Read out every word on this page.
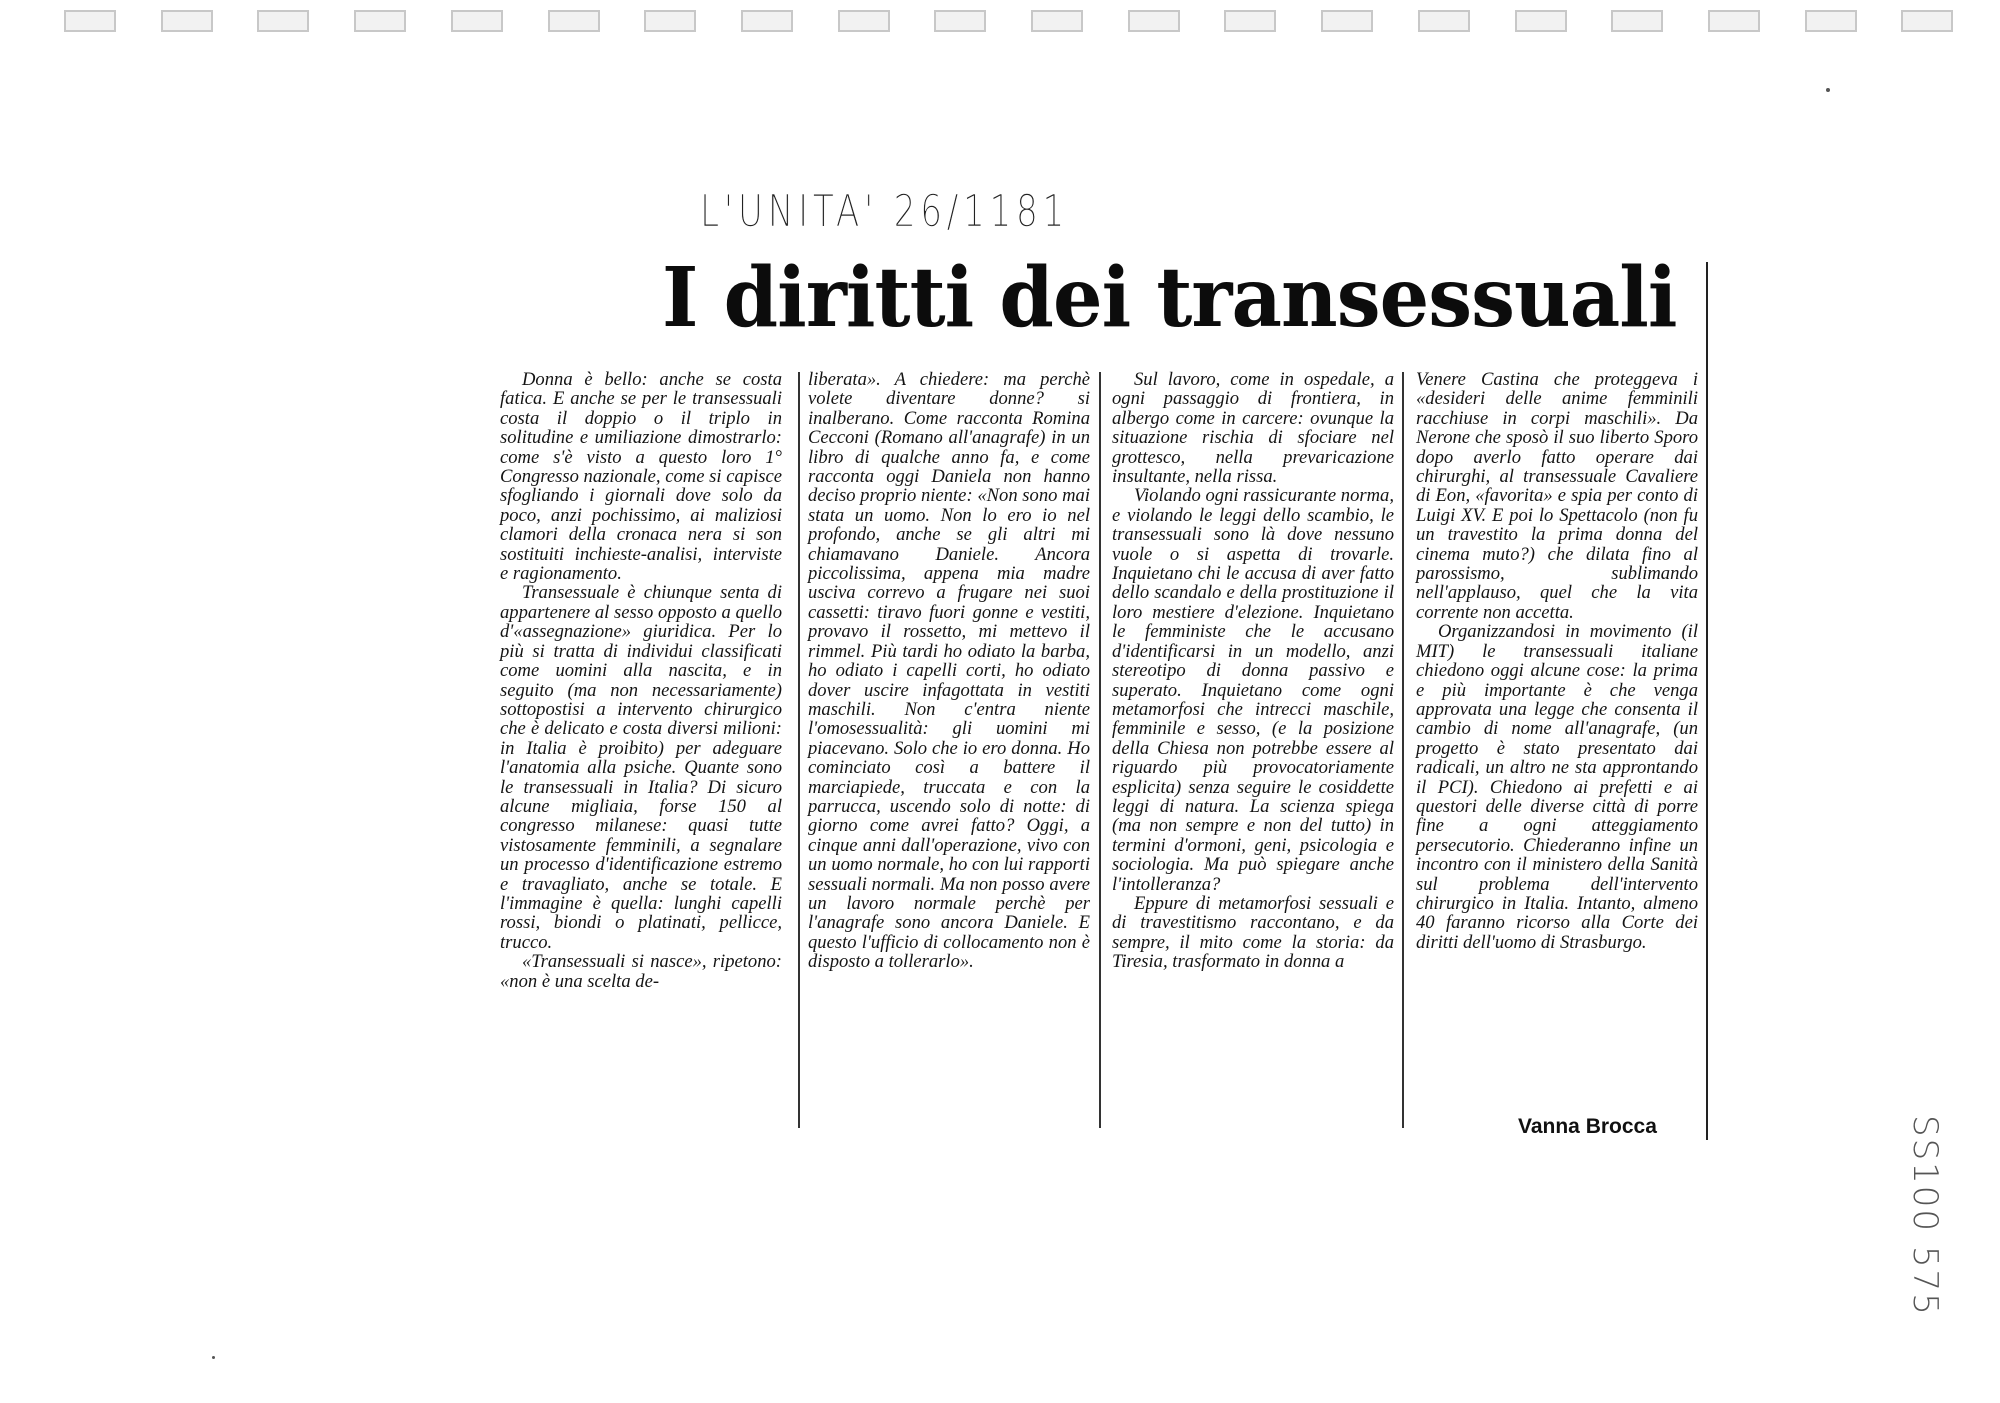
L'UNITA' 26/1181
I diritti dei transessuali

Donna è bello: anche se costa fatica. E anche se per le transessuali costa il doppio o il triplo in solitudine e umiliazione dimostrarlo: come s'è visto a questo loro 1° Congresso nazionale, come si capisce sfogliando i giornali dove solo da poco, anzi pochissimo, ai maliziosi clamori della cronaca nera si son sostituiti inchieste-analisi, interviste e ragionamento.

Transessuale è chiunque senta di appartenere al sesso opposto a quello d'«assegnazione» giuridica. Per lo più si tratta di individui classificati come uomini alla nascita, e in seguito (ma non necessariamente) sottopostisi a intervento chirurgico che è delicato e costa diversi milioni: in Italia è proibito) per adeguare l'anatomia alla psiche. Quante sono le transessuali in Italia? Di sicuro alcune migliaia, forse 150 al congresso milanese: quasi tutte vistosamente femminili, a segnalare un processo d'identificazione estremo e travagliato, anche se totale. E l'immagine è quella: lunghi capelli rossi, biondi o platinati, pellicce, trucco.

«Transessuali si nasce», ripetono: «non è una scelta de-

liberata». A chiedere: ma perchè volete diventare donne? si inalberano. Come racconta Romina Cecconi (Romano all'anagrafe) in un libro di qualche anno fa, e come racconta oggi Daniela non hanno deciso proprio niente: «Non sono mai stata un uomo. Non lo ero io nel profondo, anche se gli altri mi chiamavano Daniele. Ancora piccolissima, appena mia madre usciva correvo a frugare nei suoi cassetti: tiravo fuori gonne e vestiti, provavo il rossetto, mi mettevo il rimmel. Più tardi ho odiato la barba, ho odiato i capelli corti, ho odiato dover uscire infagottata in vestiti maschili. Non c'entra niente l'omosessualità: gli uomini mi piacevano. Solo che io ero donna. Ho cominciato così a battere il marciapiede, truccata e con la parrucca, uscendo solo di notte: di giorno come avrei fatto? Oggi, a cinque anni dall'operazione, vivo con un uomo normale, ho con lui rapporti sessuali normali. Ma non posso avere un lavoro normale perchè per l'anagrafe sono ancora Daniele. E questo l'ufficio di collocamento non è disposto a tollerarlo».

Sul lavoro, come in ospedale, a ogni passaggio di frontiera, in albergo come in carcere: ovunque la situazione rischia di sfociare nel grottesco, nella prevaricazione insultante, nella rissa.

Violando ogni rassicurante norma, e violando le leggi dello scambio, le transessuali sono là dove nessuno vuole o si aspetta di trovarle. Inquietano chi le accusa di aver fatto dello scandalo e della prostituzione il loro mestiere d'elezione. Inquietano le femministe che le accusano d'identificarsi in un modello, anzi stereotipo di donna passivo e superato. Inquietano come ogni metamorfosi che intrecci maschile, femminile e sesso, (e la posizione della Chiesa non potrebbe essere al riguardo più provocatoriamente esplicita) senza seguire le cosiddette leggi di natura. La scienza spiega (ma non sempre e non del tutto) in termini d'ormoni, geni, psicologia e sociologia. Ma può spiegare anche l'intolleranza?

Eppure di metamorfosi sessuali e di travestitismo raccontano, e da sempre, il mito come la storia: da Tiresia, trasformato in donna a

Venere Castina che proteggeva i «desideri delle anime femminili racchiuse in corpi maschili». Da Nerone che sposò il suo liberto Sporo dopo averlo fatto operare dai chirurghi, al transessuale Cavaliere di Eon, «favorita» e spia per conto di Luigi XV. E poi lo Spettacolo (non fu un travestito la prima donna del cinema muto?) che dilata fino al parossismo, sublimando nell'applauso, quel che la vita corrente non accetta.

Organizzandosi in movimento (il MIT) le transessuali italiane chiedono oggi alcune cose: la prima e più importante è che venga approvata una legge che consenta il cambio di nome all'anagrafe, (un progetto è stato presentato dai radicali, un altro ne sta approntando il PCI). Chiedono ai prefetti e ai questori delle diverse città di porre fine a ogni atteggiamento persecutorio. Chiederanno infine un incontro con il ministero della Sanità sul problema dell'intervento chirurgico in Italia. Intanto, almeno 40 faranno ricorso alla Corte dei diritti dell'uomo di Strasburgo.

Vanna Brocca	SS100 575
